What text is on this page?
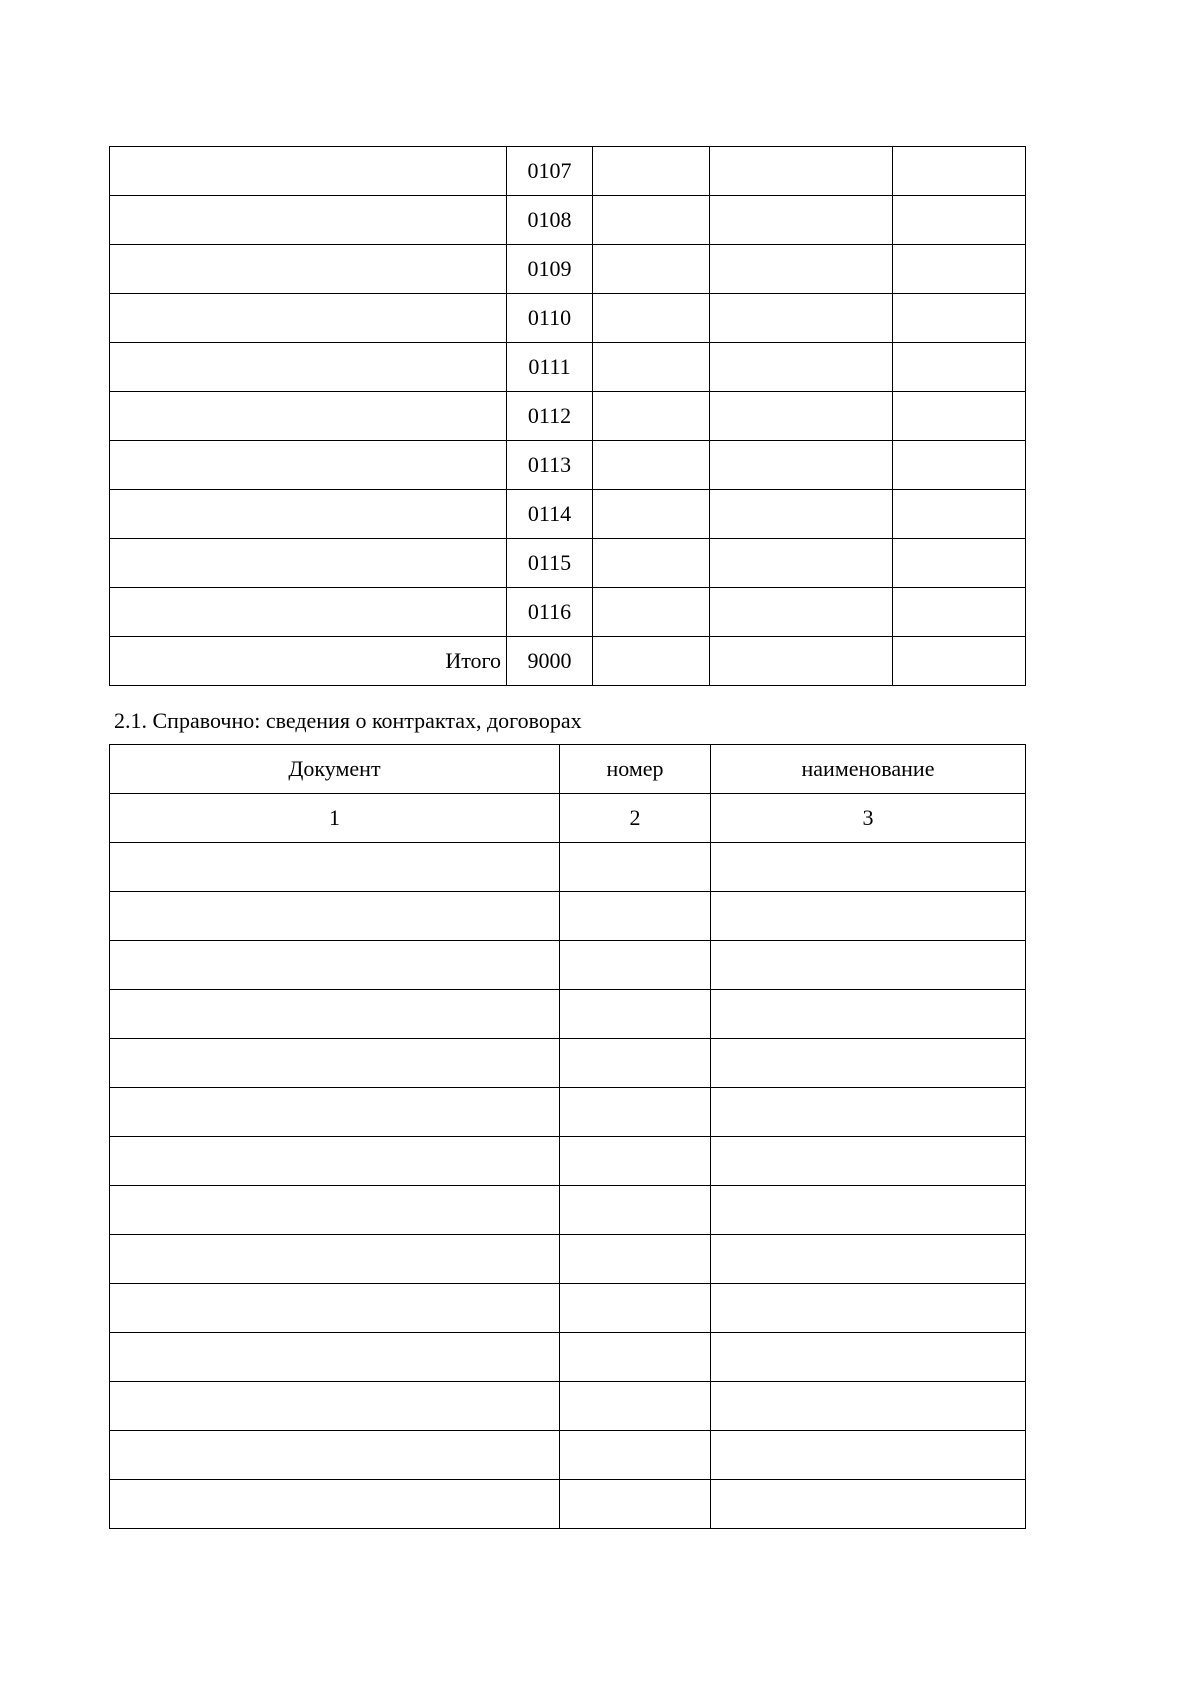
	0107			
	0108			
	0109			
	0110			
	0111			
	0112			
	0113			
	0114			
	0115			
	0116			
Итого	9000			
2.1. Справочно: сведения о контрактах, договорах
Документ	номер	наименование
1	2	3
